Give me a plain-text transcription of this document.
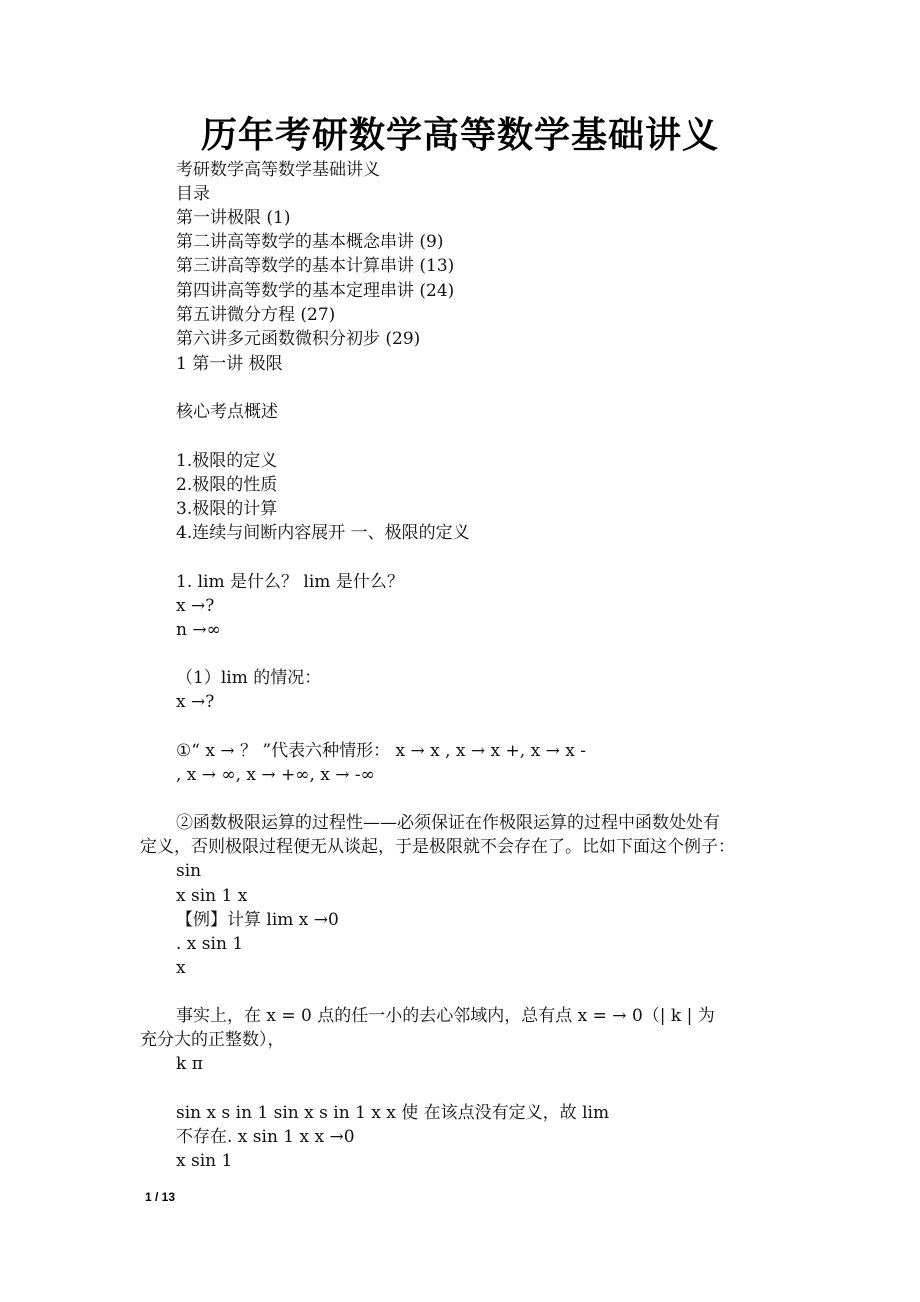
历年考研数学高等数学基础讲义
考研数学高等数学基础讲义
目录
第一讲极限 (1)
第二讲高等数学的基本概念串讲 (9)
第三讲高等数学的基本计算串讲 (13)
第四讲高等数学的基本定理串讲 (24)
第五讲微分方程 (27)
第六讲多元函数微积分初步 (29)
1 第一讲 极限
核心考点概述
1.极限的定义
2.极限的性质
3.极限的计算
4.连续与间断内容展开 一、极限的定义
1. lim 是什么？ lim 是什么？
x →?
n →∞
（1）lim 的情况：
x →?
①“ x → ？ ”代表六种情形： x → x , x → x +, x → x -
, x → ∞, x → +∞, x → -∞
②函数极限运算的过程性——必须保证在作极限运算的过程中函数处处有
定义，否则极限过程便无从谈起，于是极限就不会存在了。比如下面这个例子：
sin
x sin 1 x
【例】计算 lim x →0
. x sin 1
x
事实上，在 x = 0 点的任一小的去心邻域内，总有点 x = → 0（| k | 为
充分大的正整数），
k π
sin x s in 1 sin x s in 1 x x 使 在该点没有定义，故 lim
不存在. x sin 1 x x →0
x sin 1
1 / 13
